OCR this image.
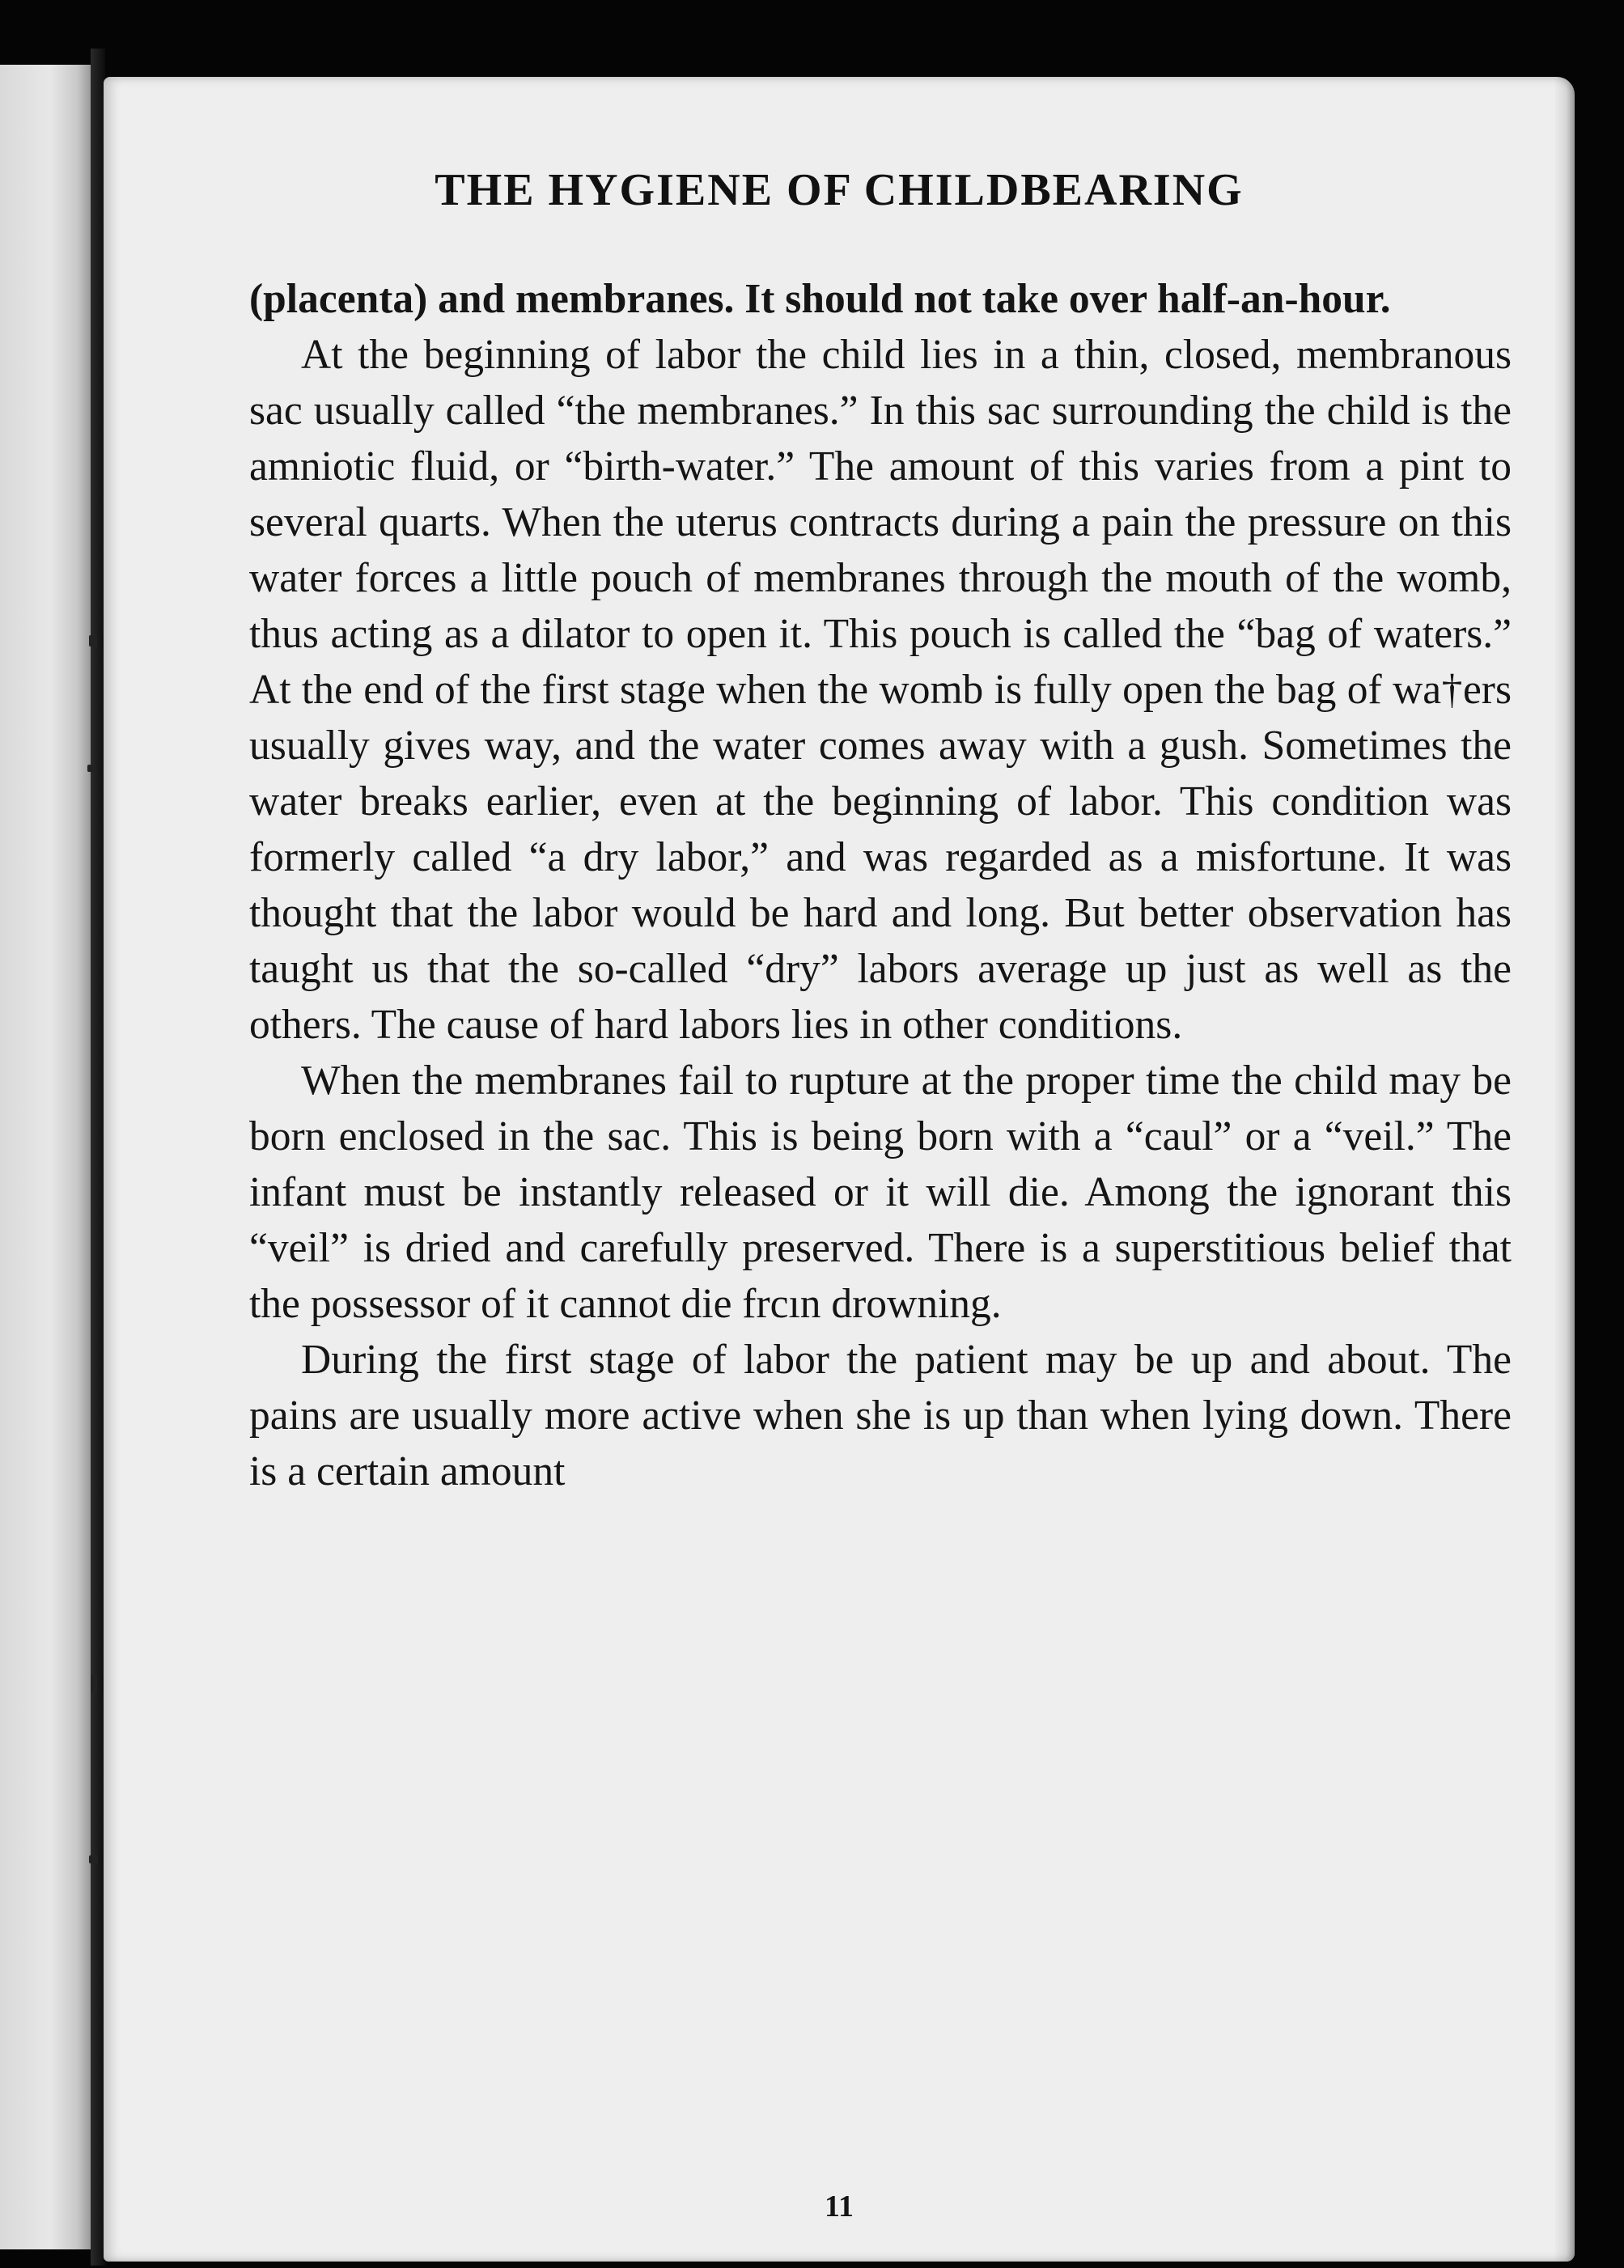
THE HYGIENE OF CHILDBEARING

(placenta) and membranes. It should not take over half-an-hour.

At the beginning of labor the child lies in a thin, closed, membranous sac usually called “the membranes.” In this sac surrounding the child is the amniotic fluid, or “birth-water.” The amount of this varies from a pint to several quarts. When the uterus contracts during a pain the pressure on this water forces a little pouch of membranes through the mouth of the womb, thus acting as a dilator to open it. This pouch is called the “bag of waters.” At the end of the first stage when the womb is fully open the bag of wa†ers usually gives way, and the water comes away with a gush. Sometimes the water breaks earlier, even at the beginning of labor. This condition was formerly called “a dry labor,” and was regarded as a misfortune. It was thought that the labor would be hard and long. But better observation has taught us that the so-called “dry” labors average up just as well as the others. The cause of hard labors lies in other conditions.

When the membranes fail to rupture at the proper time the child may be born enclosed in the sac. This is being born with a “caul” or a “veil.” The infant must be instantly released or it will die. Among the ignorant this “veil” is dried and carefully preserved. There is a superstitious belief that the possessor of it cannot die frcın drowning.

During the first stage of labor the patient may be up and about. The pains are usually more active when she is up than when lying down. There is a certain amount

11
